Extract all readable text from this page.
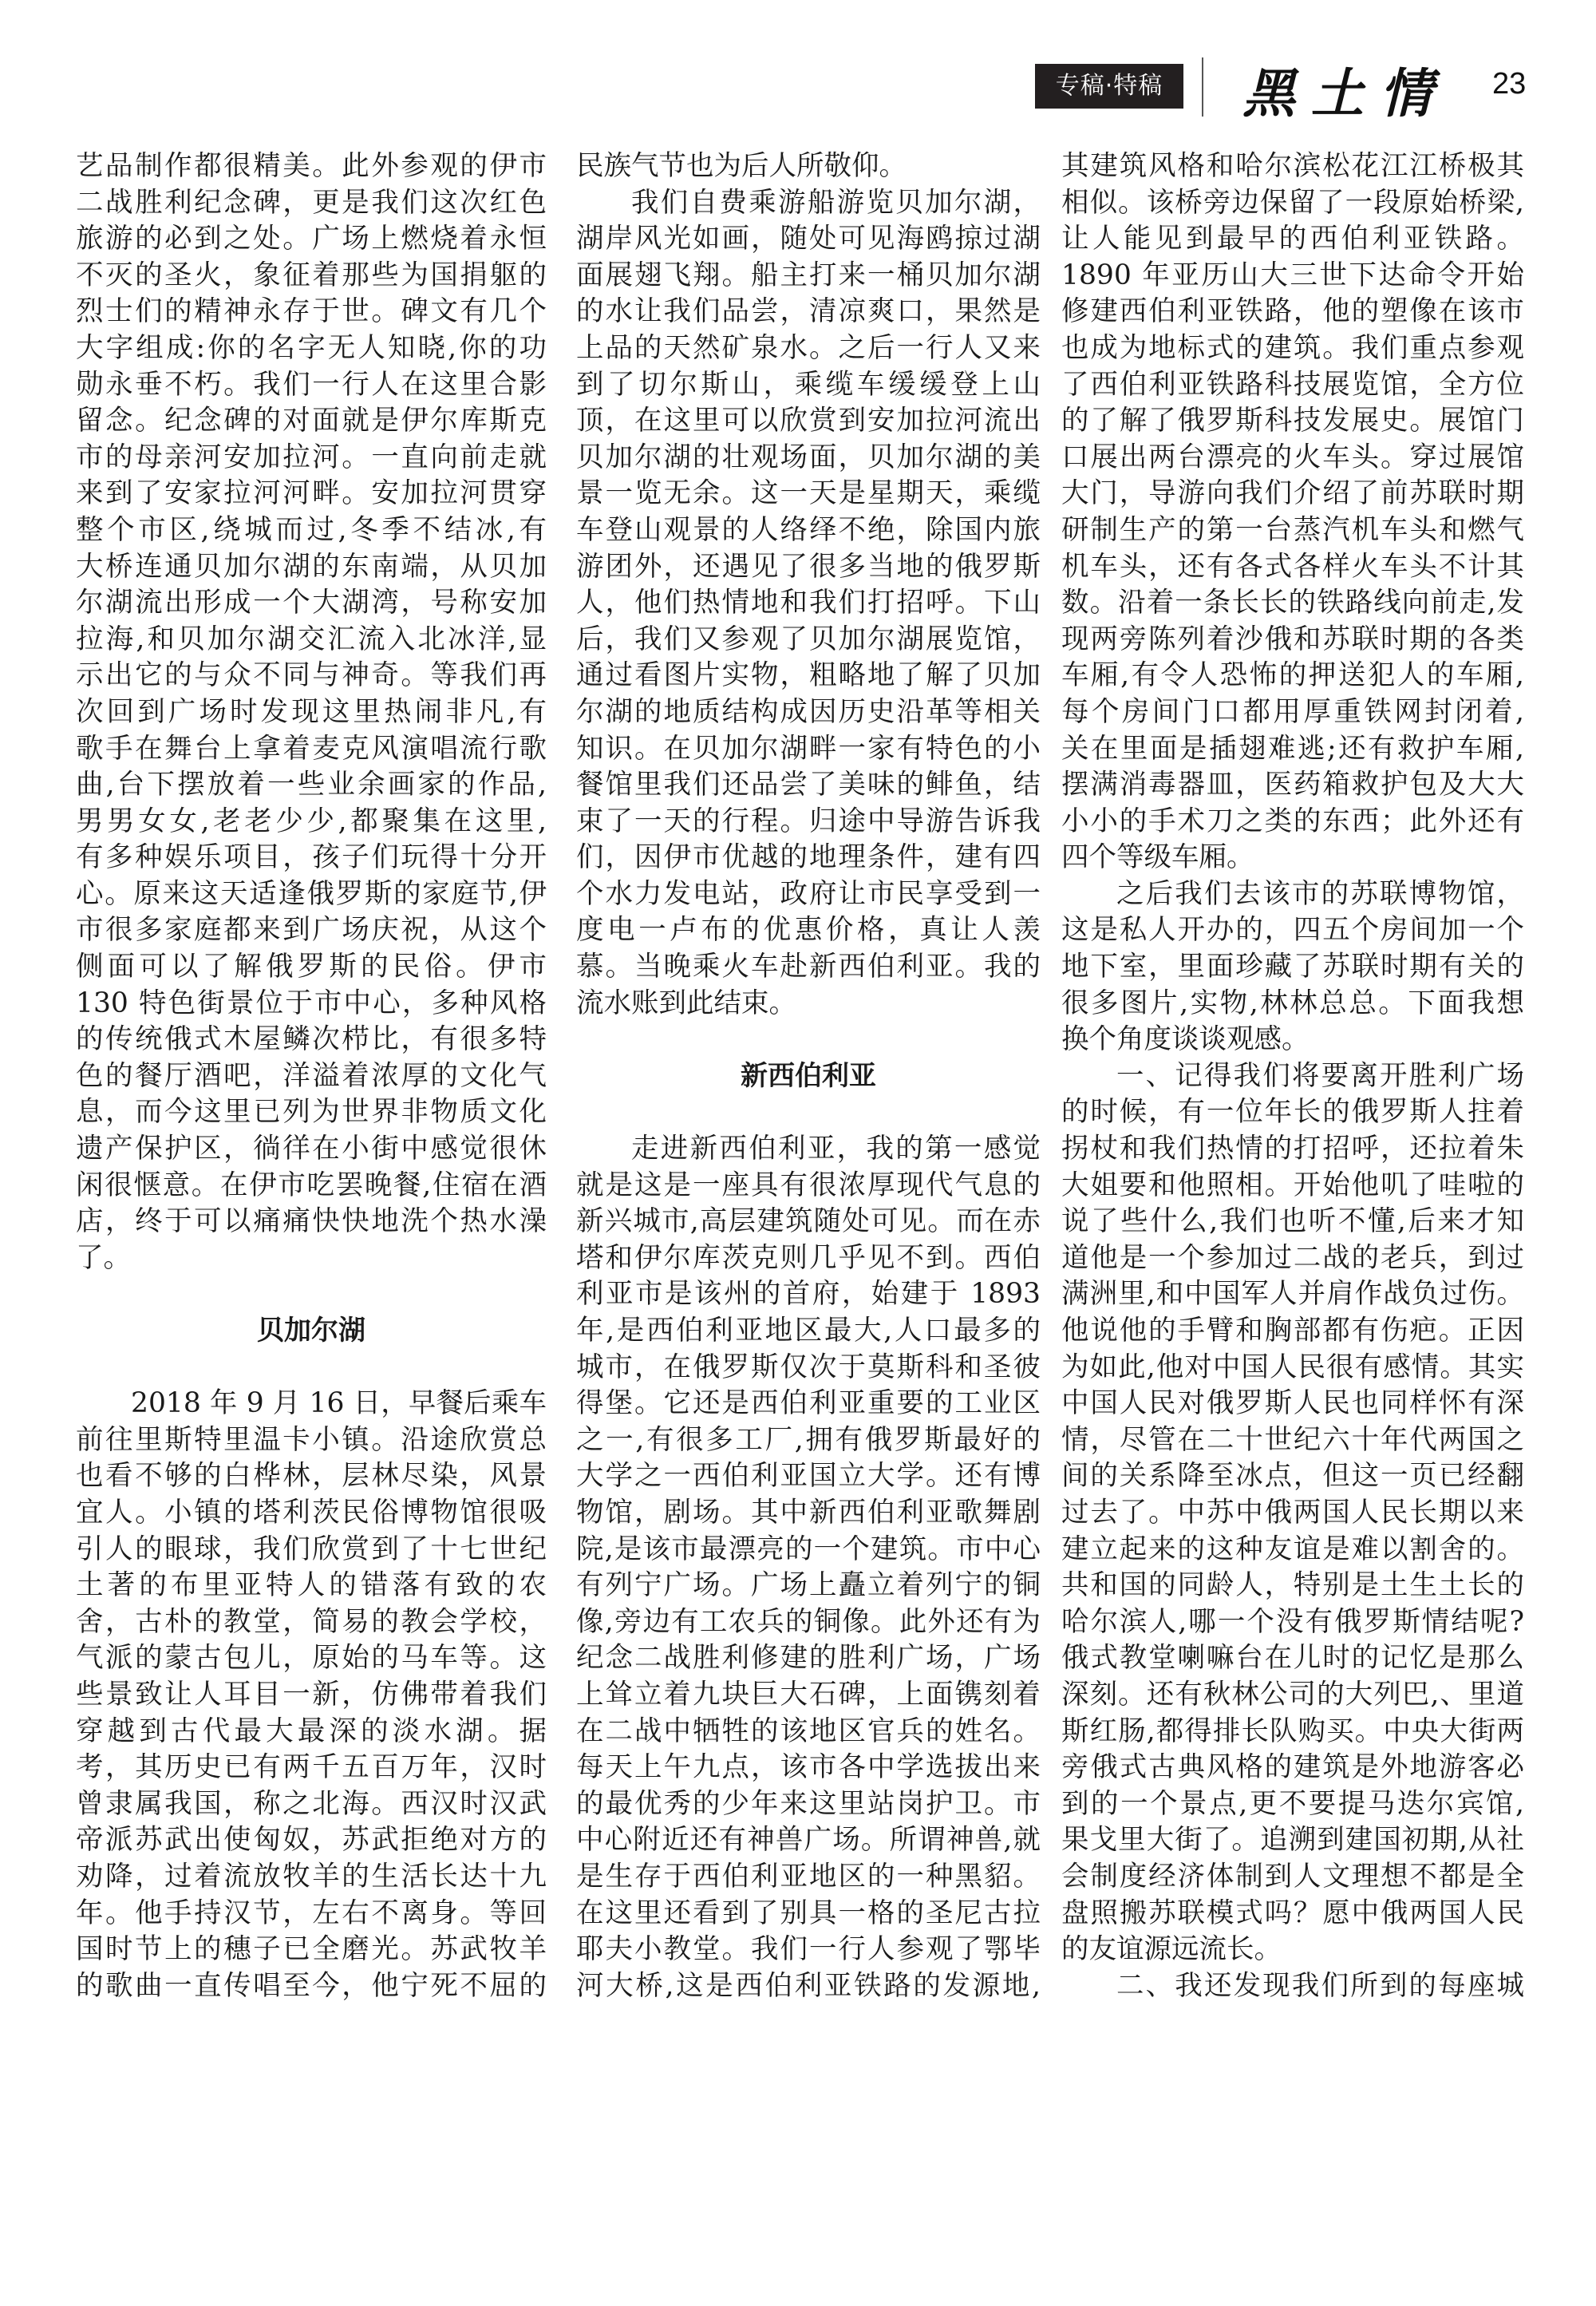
专稿·特稿	黑土情 23
艺品制作都很精美。此外参观的伊市
二战胜利纪念碑，更是我们这次红色
旅游的必到之处。广场上燃烧着永恒
不灭的圣火，象征着那些为国捐躯的
烈士们的精神永存于世。碑文有几个
大字组成:你的名字无人知晓,你的功
勋永垂不朽。我们一行人在这里合影
留念。纪念碑的对面就是伊尔库斯克
市的母亲河安加拉河。一直向前走就
来到了安家拉河河畔。安加拉河贯穿
整个市区,绕城而过,冬季不结冰,有
大桥连通贝加尔湖的东南端，从贝加
尔湖流出形成一个大湖湾，号称安加
拉海,和贝加尔湖交汇流入北冰洋,显
示出它的与众不同与神奇。等我们再
次回到广场时发现这里热闹非凡,有
歌手在舞台上拿着麦克风演唱流行歌
曲,台下摆放着一些业余画家的作品,
男男女女,老老少少,都聚集在这里,
有多种娱乐项目，孩子们玩得十分开
心。原来这天适逢俄罗斯的家庭节,伊
市很多家庭都来到广场庆祝，从这个
侧面可以了解俄罗斯的民俗。伊市
130 特色街景位于市中心，多种风格
的传统俄式木屋鳞次栉比，有很多特
色的餐厅酒吧，洋溢着浓厚的文化气
息，而今这里已列为世界非物质文化
遗产保护区，徜徉在小街中感觉很休
闲很惬意。在伊市吃罢晚餐,住宿在酒
店，终于可以痛痛快快地洗个热水澡
了。
贝加尔湖
2018 年 9 月 16 日，早餐后乘车
前往里斯特里温卡小镇。沿途欣赏总
也看不够的白桦林，层林尽染，风景
宜人。小镇的塔利茨民俗博物馆很吸
引人的眼球，我们欣赏到了十七世纪
土著的布里亚特人的错落有致的农
舍，古朴的教堂，简易的教会学校，
气派的蒙古包儿，原始的马车等。这
些景致让人耳目一新，仿佛带着我们
穿越到古代最大最深的淡水湖。据
考，其历史已有两千五百万年，汉时
曾隶属我国，称之北海。西汉时汉武
帝派苏武出使匈奴，苏武拒绝对方的
劝降，过着流放牧羊的生活长达十九
年。他手持汉节，左右不离身。等回
国时节上的穗子已全磨光。苏武牧羊
的歌曲一直传唱至今，他宁死不屈的
民族气节也为后人所敬仰。
我们自费乘游船游览贝加尔湖，
湖岸风光如画，随处可见海鸥掠过湖
面展翅飞翔。船主打来一桶贝加尔湖
的水让我们品尝，清凉爽口，果然是
上品的天然矿泉水。之后一行人又来
到了切尔斯山，乘缆车缓缓登上山
顶，在这里可以欣赏到安加拉河流出
贝加尔湖的壮观场面，贝加尔湖的美
景一览无余。这一天是星期天，乘缆
车登山观景的人络绎不绝，除国内旅
游团外，还遇见了很多当地的俄罗斯
人，他们热情地和我们打招呼。下山
后，我们又参观了贝加尔湖展览馆，
通过看图片实物，粗略地了解了贝加
尔湖的地质结构成因历史沿革等相关
知识。在贝加尔湖畔一家有特色的小
餐馆里我们还品尝了美味的鲱鱼，结
束了一天的行程。归途中导游告诉我
们，因伊市优越的地理条件，建有四
个水力发电站，政府让市民享受到一
度电一卢布的优惠价格，真让人羡
慕。当晚乘火车赴新西伯利亚。我的
流水账到此结束。
新西伯利亚
走进新西伯利亚，我的第一感觉
就是这是一座具有很浓厚现代气息的
新兴城市,高层建筑随处可见。而在赤
塔和伊尔库茨克则几乎见不到。西伯
利亚市是该州的首府，始建于 1893
年,是西伯利亚地区最大,人口最多的
城市，在俄罗斯仅次于莫斯科和圣彼
得堡。它还是西伯利亚重要的工业区
之一,有很多工厂,拥有俄罗斯最好的
大学之一西伯利亚国立大学。还有博
物馆，剧场。其中新西伯利亚歌舞剧
院,是该市最漂亮的一个建筑。市中心
有列宁广场。广场上矗立着列宁的铜
像,旁边有工农兵的铜像。此外还有为
纪念二战胜利修建的胜利广场，广场
上耸立着九块巨大石碑，上面镌刻着
在二战中牺牲的该地区官兵的姓名。
每天上午九点，该市各中学选拔出来
的最优秀的少年来这里站岗护卫。市
中心附近还有神兽广场。所谓神兽,就
是生存于西伯利亚地区的一种黑貂。
在这里还看到了别具一格的圣尼古拉
耶夫小教堂。我们一行人参观了鄂毕
河大桥,这是西伯利亚铁路的发源地,
其建筑风格和哈尔滨松花江江桥极其
相似。该桥旁边保留了一段原始桥梁,
让人能见到最早的西伯利亚铁路。
1890 年亚历山大三世下达命令开始
修建西伯利亚铁路，他的塑像在该市
也成为地标式的建筑。我们重点参观
了西伯利亚铁路科技展览馆，全方位
的了解了俄罗斯科技发展史。展馆门
口展出两台漂亮的火车头。穿过展馆
大门，导游向我们介绍了前苏联时期
研制生产的第一台蒸汽机车头和燃气
机车头，还有各式各样火车头不计其
数。沿着一条长长的铁路线向前走,发
现两旁陈列着沙俄和苏联时期的各类
车厢,有令人恐怖的押送犯人的车厢,
每个房间门口都用厚重铁网封闭着,
关在里面是插翅难逃;还有救护车厢,
摆满消毒器皿，医药箱救护包及大大
小小的手术刀之类的东西；此外还有
四个等级车厢。
之后我们去该市的苏联博物馆，
这是私人开办的，四五个房间加一个
地下室，里面珍藏了苏联时期有关的
很多图片,实物,林林总总。下面我想
换个角度谈谈观感。
一、记得我们将要离开胜利广场
的时候，有一位年长的俄罗斯人拄着
拐杖和我们热情的打招呼，还拉着朱
大姐要和他照相。开始他叽了哇啦的
说了些什么,我们也听不懂,后来才知
道他是一个参加过二战的老兵，到过
满洲里,和中国军人并肩作战负过伤。
他说他的手臂和胸部都有伤疤。正因
为如此,他对中国人民很有感情。其实
中国人民对俄罗斯人民也同样怀有深
情，尽管在二十世纪六十年代两国之
间的关系降至冰点，但这一页已经翻
过去了。中苏中俄两国人民长期以来
建立起来的这种友谊是难以割舍的。
共和国的同龄人，特别是土生土长的
哈尔滨人,哪一个没有俄罗斯情结呢?
俄式教堂喇嘛台在儿时的记忆是那么
深刻。还有秋林公司的大列巴,、里道
斯红肠,都得排长队购买。中央大街两
旁俄式古典风格的建筑是外地游客必
到的一个景点,更不要提马迭尔宾馆,
果戈里大街了。追溯到建国初期,从社
会制度经济体制到人文理想不都是全
盘照搬苏联模式吗？愿中俄两国人民
的友谊源远流长。
二、我还发现我们所到的每座城
